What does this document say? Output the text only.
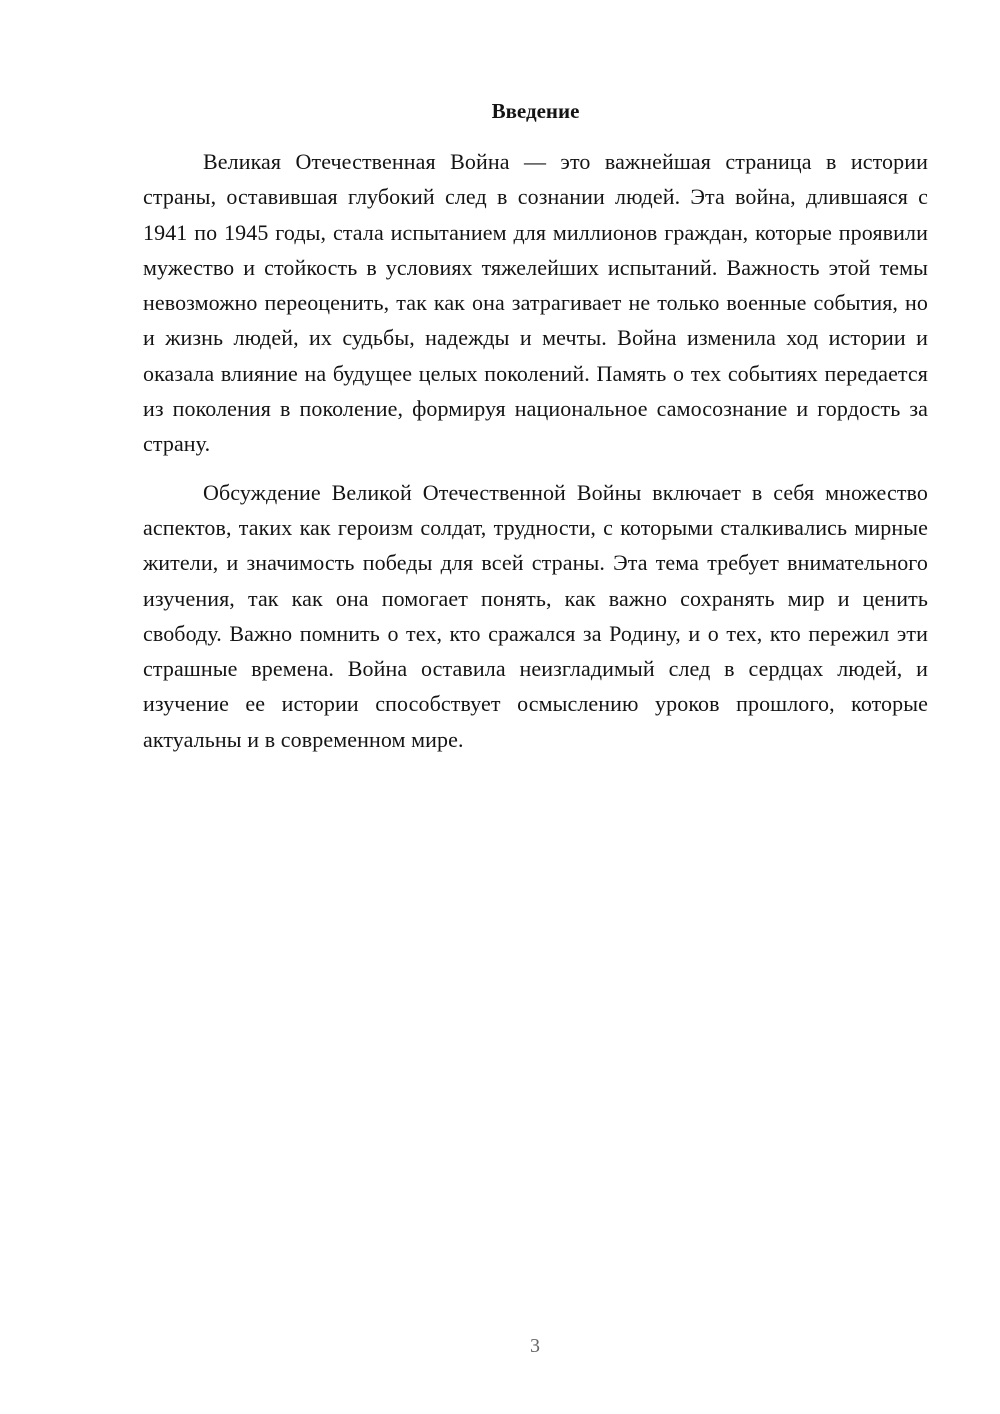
Введение

Великая Отечественная Война — это важнейшая страница в истории страны, оставившая глубокий след в сознании людей. Эта война, длившаяся с 1941 по 1945 годы, стала испытанием для миллионов граждан, которые проявили мужество и стойкость в условиях тяжелейших испытаний. Важность этой темы невозможно переоценить, так как она затрагивает не только военные события, но и жизнь людей, их судьбы, надежды и мечты. Война изменила ход истории и оказала влияние на будущее целых поколений. Память о тех событиях передается из поколения в поколение, формируя национальное самосознание и гордость за страну.

Обсуждение Великой Отечественной Войны включает в себя множество аспектов, таких как героизм солдат, трудности, с которыми сталкивались мирные жители, и значимость победы для всей страны. Эта тема требует внимательного изучения, так как она помогает понять, как важно сохранять мир и ценить свободу. Важно помнить о тех, кто сражался за Родину, и о тех, кто пережил эти страшные времена. Война оставила неизгладимый след в сердцах людей, и изучение ее истории способствует осмыслению уроков прошлого, которые актуальны и в современном мире.

3
